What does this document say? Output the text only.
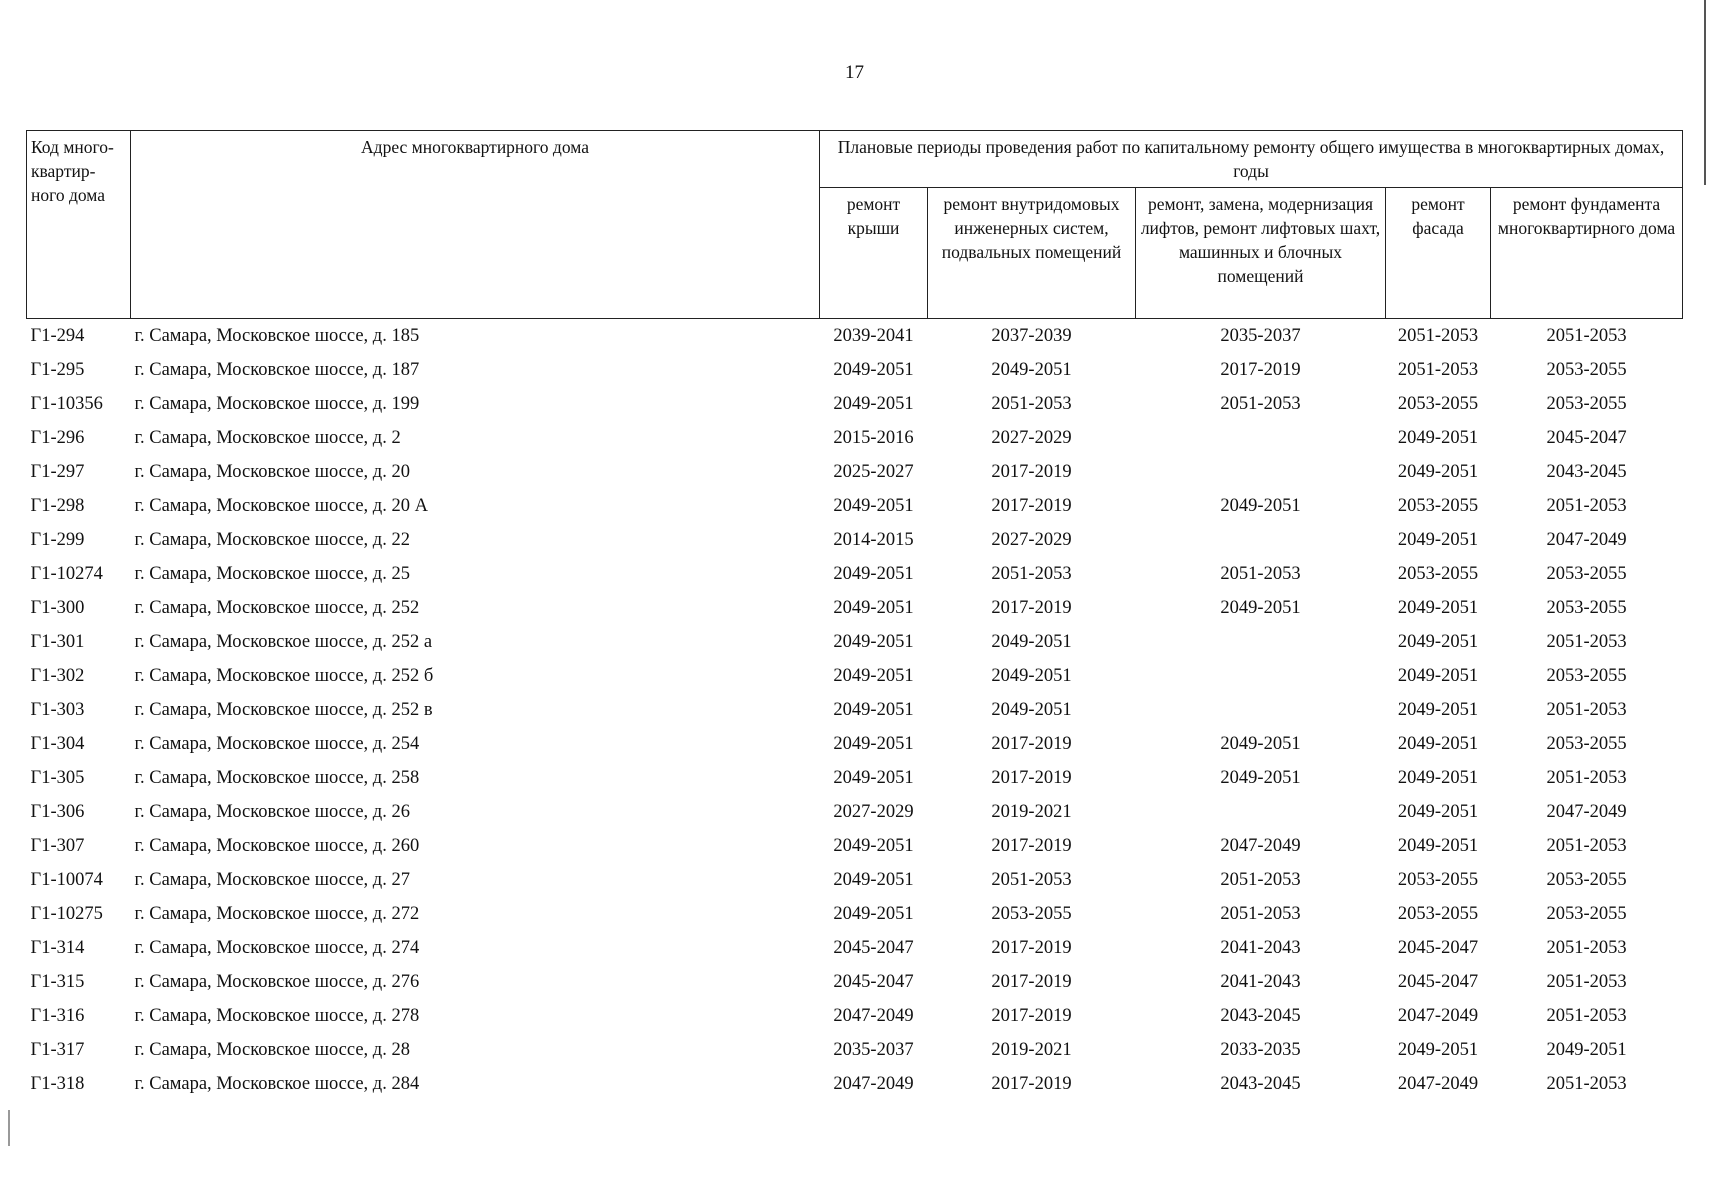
17
Код много-квартир-ного дома	Адрес многоквартирного дома	Плановые периоды проведения работ по капитальному ремонту общего имущества в многоквартирных домах, годы				
		ремонт крыши	ремонт внутридомовых инженерных систем, подвальных помещений	ремонт, замена, модернизация лифтов, ремонт лифтовых шахт, машинных и блочных помещений	ремонт фасада	ремонт фундамента многоквартирного дома
Г1-294	г. Самара, Московское шоссе, д. 185	2039-2041	2037-2039	2035-2037	2051-2053	2051-2053
Г1-295	г. Самара, Московское шоссе, д. 187	2049-2051	2049-2051	2017-2019	2051-2053	2053-2055
Г1-10356	г. Самара, Московское шоссе, д. 199	2049-2051	2051-2053	2051-2053	2053-2055	2053-2055
Г1-296	г. Самара, Московское шоссе, д. 2	2015-2016	2027-2029		2049-2051	2045-2047
Г1-297	г. Самара, Московское шоссе, д. 20	2025-2027	2017-2019		2049-2051	2043-2045
Г1-298	г. Самара, Московское шоссе, д. 20 А	2049-2051	2017-2019	2049-2051	2053-2055	2051-2053
Г1-299	г. Самара, Московское шоссе, д. 22	2014-2015	2027-2029		2049-2051	2047-2049
Г1-10274	г. Самара, Московское шоссе, д. 25	2049-2051	2051-2053	2051-2053	2053-2055	2053-2055
Г1-300	г. Самара, Московское шоссе, д. 252	2049-2051	2017-2019	2049-2051	2049-2051	2053-2055
Г1-301	г. Самара, Московское шоссе, д. 252 а	2049-2051	2049-2051		2049-2051	2051-2053
Г1-302	г. Самара, Московское шоссе, д. 252 б	2049-2051	2049-2051		2049-2051	2053-2055
Г1-303	г. Самара, Московское шоссе, д. 252 в	2049-2051	2049-2051		2049-2051	2051-2053
Г1-304	г. Самара, Московское шоссе, д. 254	2049-2051	2017-2019	2049-2051	2049-2051	2053-2055
Г1-305	г. Самара, Московское шоссе, д. 258	2049-2051	2017-2019	2049-2051	2049-2051	2051-2053
Г1-306	г. Самара, Московское шоссе, д. 26	2027-2029	2019-2021		2049-2051	2047-2049
Г1-307	г. Самара, Московское шоссе, д. 260	2049-2051	2017-2019	2047-2049	2049-2051	2051-2053
Г1-10074	г. Самара, Московское шоссе, д. 27	2049-2051	2051-2053	2051-2053	2053-2055	2053-2055
Г1-10275	г. Самара, Московское шоссе, д. 272	2049-2051	2053-2055	2051-2053	2053-2055	2053-2055
Г1-314	г. Самара, Московское шоссе, д. 274	2045-2047	2017-2019	2041-2043	2045-2047	2051-2053
Г1-315	г. Самара, Московское шоссе, д. 276	2045-2047	2017-2019	2041-2043	2045-2047	2051-2053
Г1-316	г. Самара, Московское шоссе, д. 278	2047-2049	2017-2019	2043-2045	2047-2049	2051-2053
Г1-317	г. Самара, Московское шоссе, д. 28	2035-2037	2019-2021	2033-2035	2049-2051	2049-2051
Г1-318	г. Самара, Московское шоссе, д. 284	2047-2049	2017-2019	2043-2045	2047-2049	2051-2053
